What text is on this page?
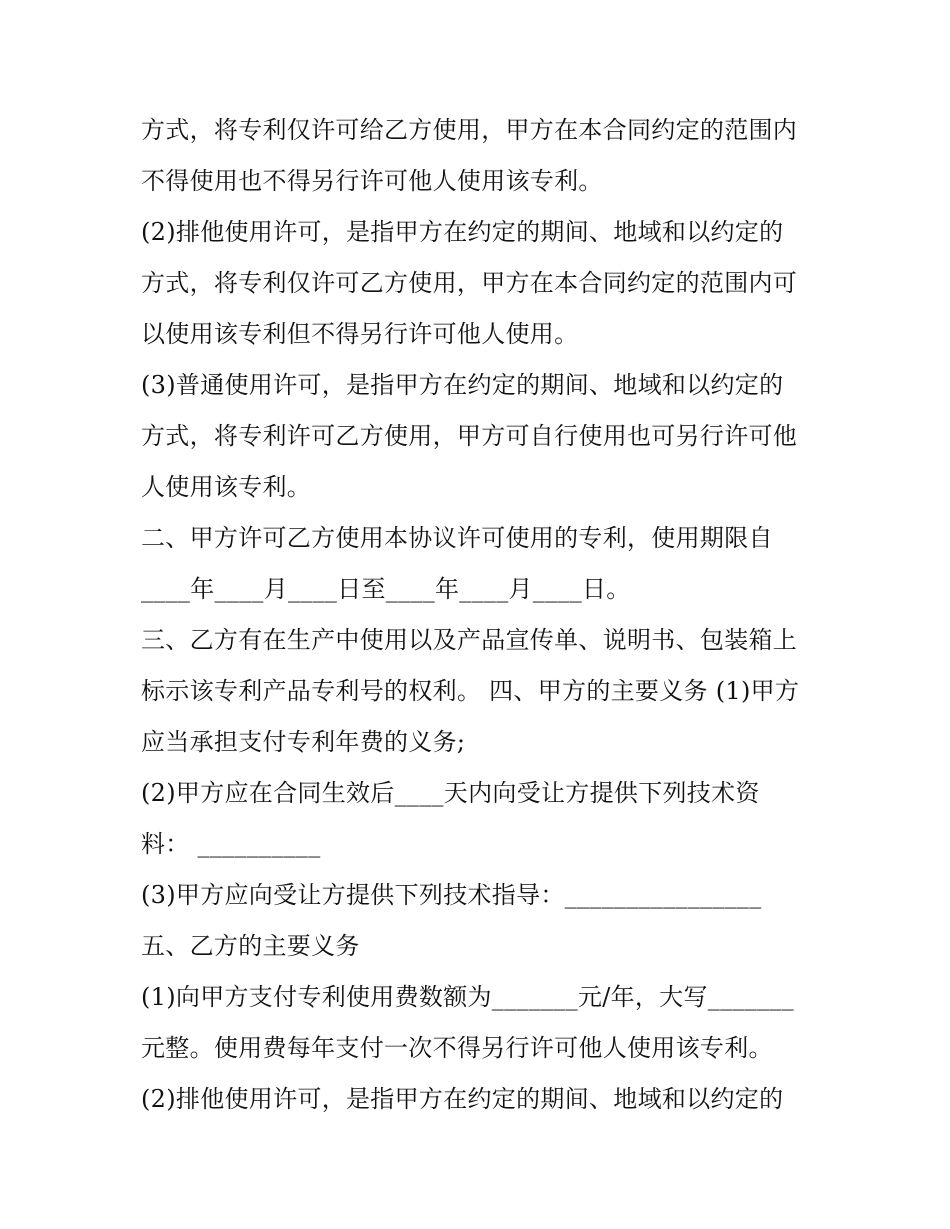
方式，将专利仅许可给乙方使用，甲方在本合同约定的范围内
不得使用也不得另行许可他人使用该专利。
(2)排他使用许可，是指甲方在约定的期间、地域和以约定的
方式，将专利仅许可乙方使用，甲方在本合同约定的范围内可
以使用该专利但不得另行许可他人使用。
(3)普通使用许可，是指甲方在约定的期间、地域和以约定的
方式，将专利许可乙方使用，甲方可自行使用也可另行许可他
人使用该专利。
二、甲方许可乙方使用本协议许可使用的专利，使用期限自
____年____月____日至____年____月____日。
三、乙方有在生产中使用以及产品宣传单、说明书、包装箱上
标示该专利产品专利号的权利。 四、甲方的主要义务 (1)甲方
应当承担支付专利年费的义务;
(2)甲方应在合同生效后____天内向受让方提供下列技术资
料： __________
(3)甲方应向受让方提供下列技术指导：________________
五、乙方的主要义务
(1)向甲方支付专利使用费数额为_______元/年，大写_______
元整。使用费每年支付一次不得另行许可他人使用该专利。
(2)排他使用许可，是指甲方在约定的期间、地域和以约定的
